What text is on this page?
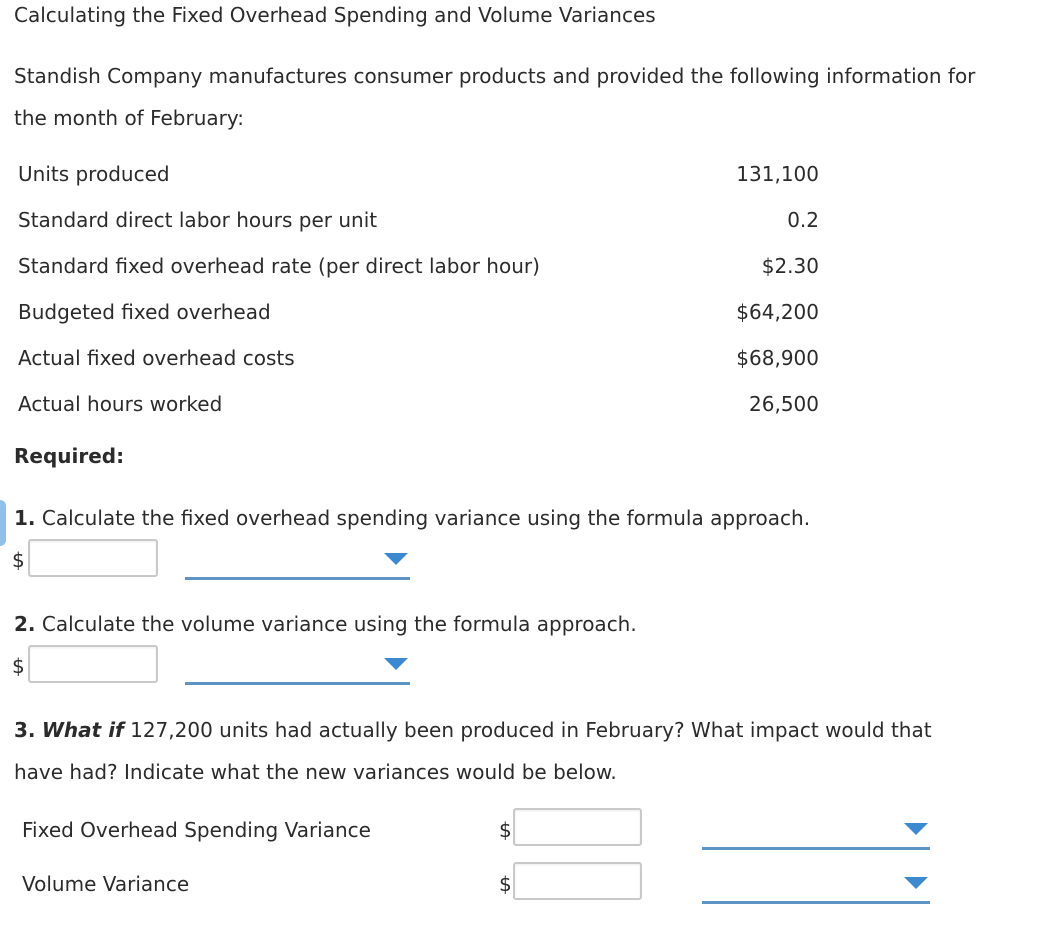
Calculating the Fixed Overhead Spending and Volume Variances
Standish Company manufactures consumer products and provided the following information for
the month of February:
Units produced	131,100
Standard direct labor hours per unit	0.2
Standard fixed overhead rate (per direct labor hour)	$2.30
Budgeted fixed overhead	$64,200
Actual fixed overhead costs	$68,900
Actual hours worked	26,500
Required:
1. Calculate the fixed overhead spending variance using the formula approach.
$
2. Calculate the volume variance using the formula approach.
$
3. What if 127,200 units had actually been produced in February? What impact would that
have had? Indicate what the new variances would be below.
Fixed Overhead Spending Variance	$
Volume Variance	$
